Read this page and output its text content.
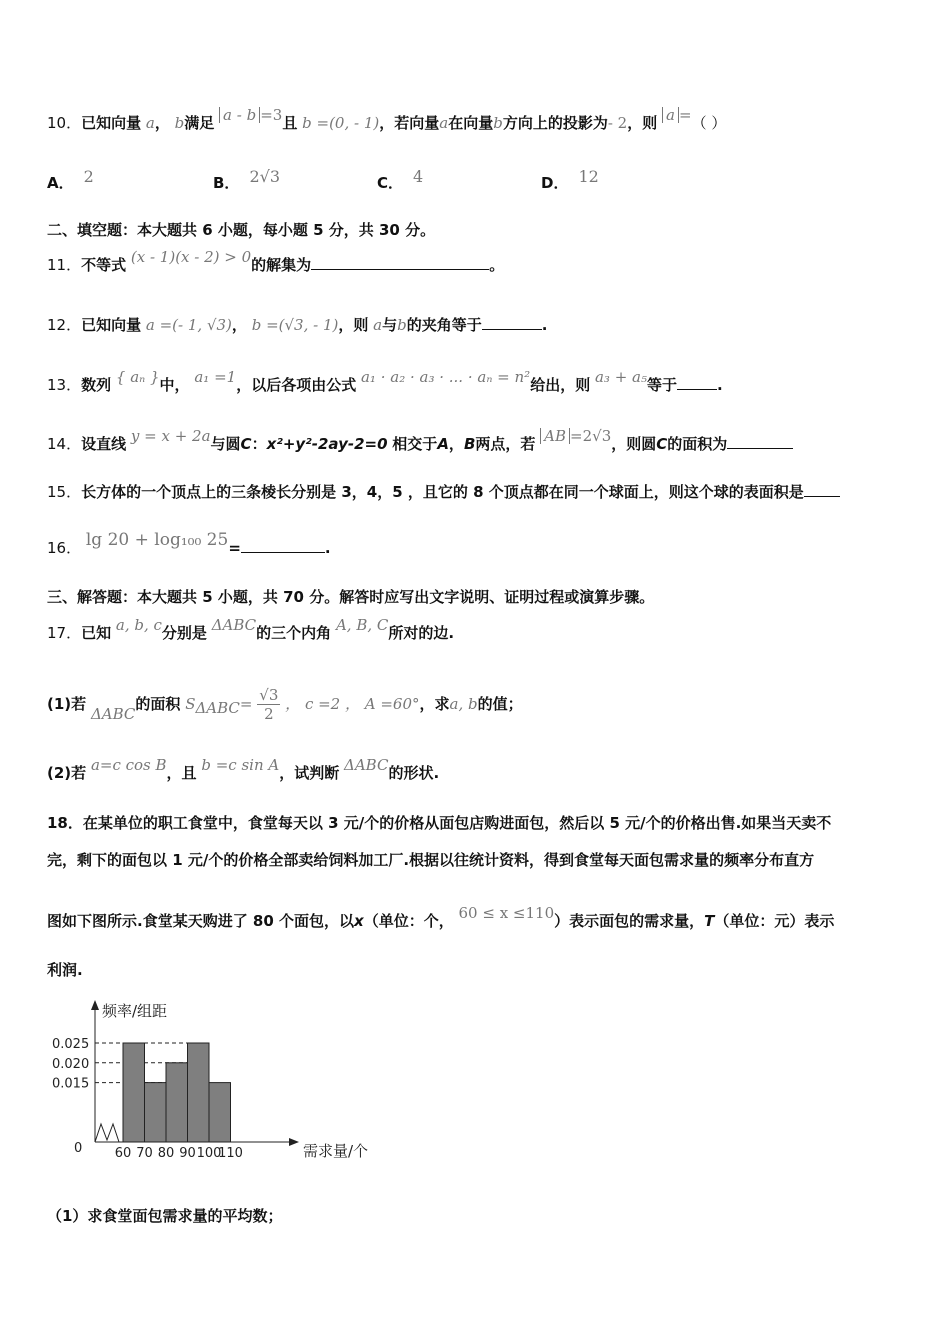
10．已知向量 a， b满足 a - b =3且 b =(0, - 1)，若向量a在向量b方向上的投影为- 2，则 a =（ ）
A． 2	B． 2√3	C． 4	D． 12
二、填空题：本大题共 6 小题，每小题 5 分，共 30 分。
11．不等式 (x - 1)(x - 2) > 0的解集为	。
12．已知向量 a =(- 1, √3)， b =(√3, - 1)，则 a与b的夹角等于	.
13．数列 { aₙ }中， a₁ =1，以后各项由公式 a₁ · a₂ · a₃ · ... · aₙ = n²给出，则 a₃ + a₅等于	.
14．设直线 y = x + 2a与圆C：x²+y²-2ay-2=0 相交于A，B两点，若 AB =2√3，则圆C的面积为
15．长方体的一个顶点上的三条棱长分别是 3，4，5 ，且它的 8 个顶点都在同一个球面上，则这个球的表面积是
16． lg 20 + log₁₀₀ 25=	.
三、解答题：本大题共 5 小题，共 70 分。解答时应写出文字说明、证明过程或演算步骤。
17．已知 a, b, c分别是 ΔABC的三个内角 A, B, C所对的边.
(1)若 ΔABC的面积 $S_{\Delta ABC}= \frac{√3}{2}$ ， c =2 ， A =60°，求a, b的值；
(2)若 a=c cos B，且 b =c sin A，试判断 ΔABC的形状.
18．在某单位的职工食堂中，食堂每天以 3 元/个的价格从面包店购进面包，然后以 5 元/个的价格出售.如果当天卖不
完，剩下的面包以 1 元/个的价格全部卖给饲料加工厂.根据以往统计资料，得到食堂每天面包需求量的频率分布直方
图如下图所示.食堂某天购进了 80 个面包，以x（单位：个， 60 ≤ x ≤110）表示面包的需求量，T（单位：元）表示
利润.
频率/组距
需求量/个
0
0.015
0.020
0.025
60 70 80 90 100
110
（1）求食堂面包需求量的平均数；
